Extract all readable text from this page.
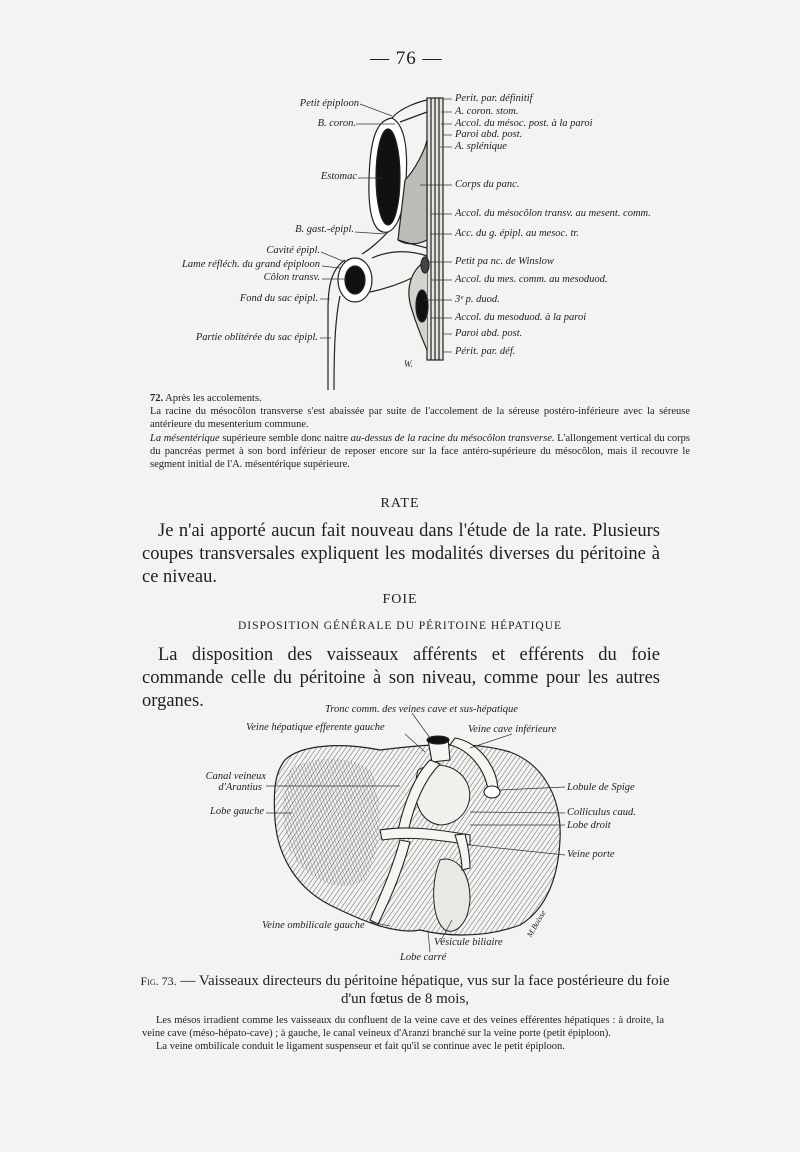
— 76 —
Petit épiploon
B. coron.
Estomac
B. gast.-épipl.
Cavité épipl.
Lame réfléch. du grand épiploon
Côlon transv.
Fond du sac épipl.
Partie oblitérée du sac épipl.
Perit. par. définitif
A. coron. stom.
Accol. du mésoc. post. à la paroi
Paroi abd. post.
A. splénique
Corps du panc.
Accol. du mésocôlon transv. au mesent. comm.
Acc. du g. épipl. au mesoc. tr.
Petit pa nc. de Winslow
Accol. du mes. comm. au mesoduod.
3ᵉ p. duod.
Accol. du mesoduod. à la paroi
Paroi abd. post.
Périt. par. déf.
W.

72. Après les accolements.

La racine du mésocôlon transverse s'est abaissée par suite de l'accolement de la séreuse postéro-inférieure avec la séreuse antérieure du mesenterium commune.

La mésentérique supérieure semble donc naitre au-dessus de la racine du mésocôlon transverse. L'allongement vertical du corps du pancréas permet à son bord inférieur de reposer encore sur la face antéro-supérieure du mésocôlon, mais il recouvre le segment initial de l'A. mésentérique supérieure.

RATE

Je n'ai apporté aucun fait nouveau dans l'étude de la rate. Plusieurs coupes transversales expliquent les modalités diverses du péritoine à ce niveau.

FOIE
DISPOSITION GÉNÉRALE DU PÉRITOINE HÉPATIQUE

La disposition des vaisseaux afférents et efférents du foie commande celle du péritoine à son niveau, comme pour les autres organes.	Tronc comm. des veines cave et sus-hépatique
Veine hépatique efferente gauche	Veine cave inférieure
Canal veineux
d'Arantius
Lobe gauche
Lobule de Spige
Colliculus caud.
Lobe droit
Veine porte
Veine ombilicale gauche
Vésicule biliaire
Lobe carré
M.Boisse
Fig. 73. — Vaisseaux directeurs du péritoine hépatique, vus sur la face postérieure du foie d'un fœtus de 8 mois,

Les mésos irradient comme les vaisseaux du confluent de la veine cave et des veines efférentes hépatiques : à droite, la veine cave (méso-hépato-cave) ; à gauche, le canal veineux d'Aranzi branché sur la veine porte (petit épiploon).

La veine ombilicale conduit le ligament suspenseur et fait qu'il se continue avec le petit épiploon.
